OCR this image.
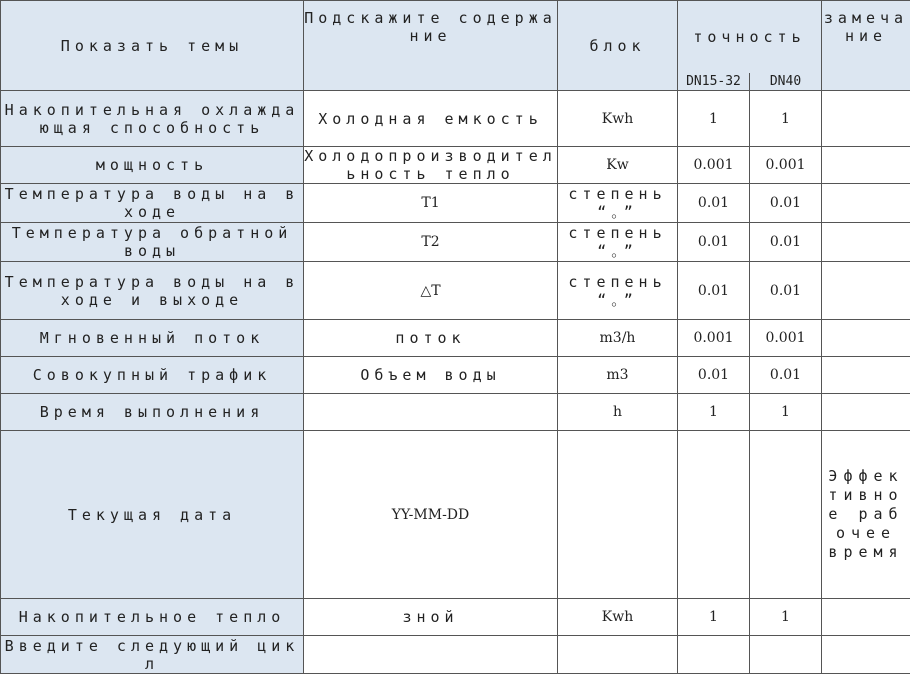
Показать темы	Подскажите содержание	блок	точность		замечание
			DN15-32	DN40	
Накопительная охлаждающая способность	Холодная емкость	Kwh	1	1	
мощность	Холодопроизводительность тепло	Kw	0.001	0.001	
Температура воды на входе	T1	степень “。”	0.01	0.01	
Температура обратной воды	T2	степень “。”	0.01	0.01	
Температура воды на входе и выходе	△T	степень “。”	0.01	0.01	
Мгновенный поток	поток	m3/h	0.001	0.001	
Совокупный трафик	Объем воды	m3	0.01	0.01	
Время выполнения		h	1	1	
Текущая дата	YY-MM-DD				Эффективное рабочее время
Накопительное тепло	зной	Kwh	1	1	
Введите следующий цикл					
